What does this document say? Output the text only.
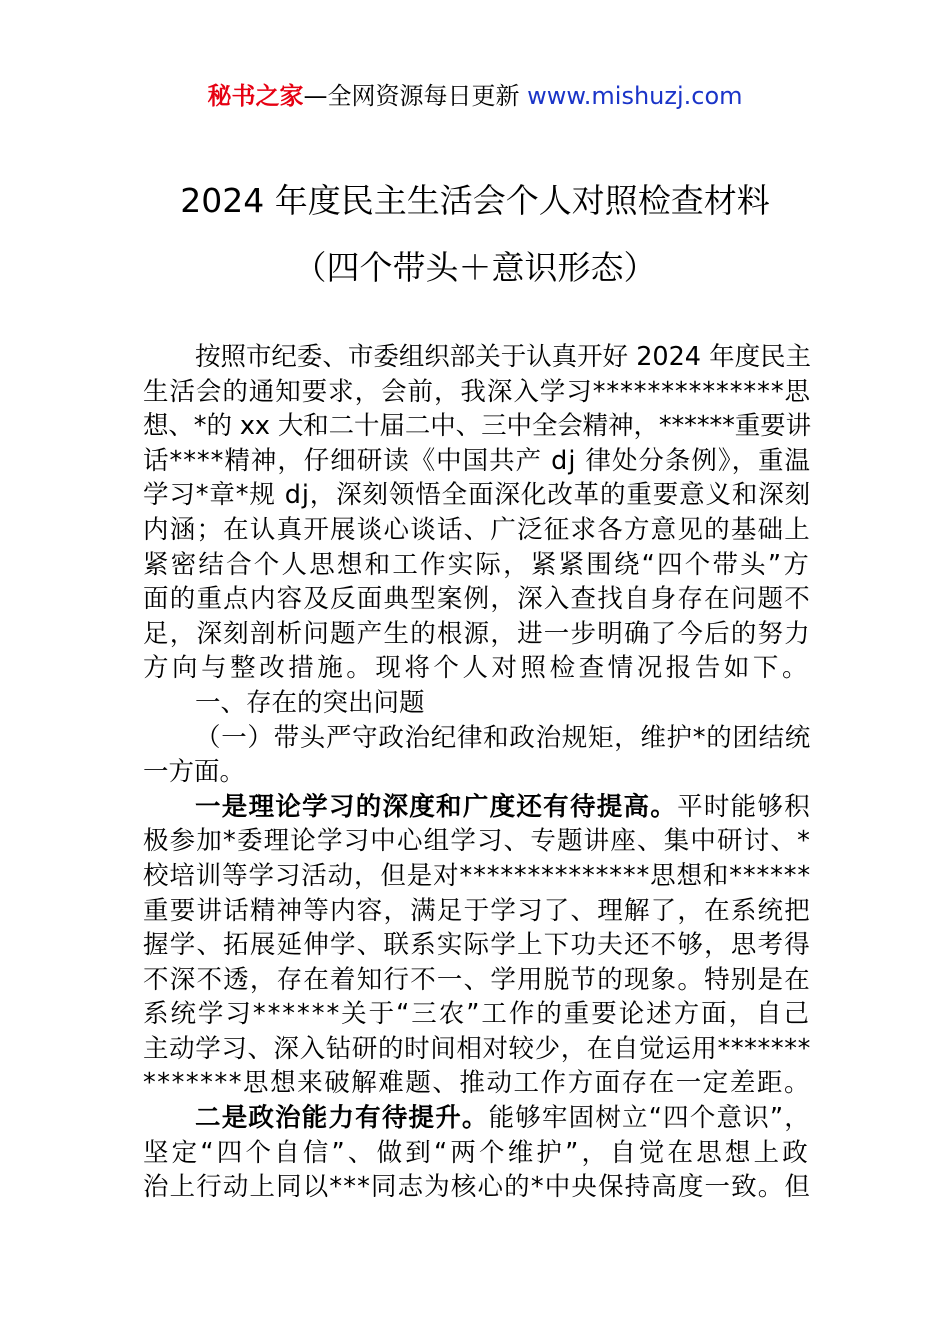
秘书之家—全网资源每日更新 www.mishuzj.com
2024 年度民主生活会个人对照检查材料
（四个带头＋意识形态）
按照市纪委、市委组织部关于认真开好 2024 年度民主
生活会的通知要求，会前，我深入学习**************思
想、*的 xx 大和二十届二中、三中全会精神，******重要讲
话****精神，仔细研读《中国共产 dj 律处分条例》，重温
学习*章*规 dj，深刻领悟全面深化改革的重要意义和深刻
内涵；在认真开展谈心谈话、广泛征求各方意见的基础上
紧密结合个人思想和工作实际，紧紧围绕“四个带头”方
面的重点内容及反面典型案例，深入查找自身存在问题不
足，深刻剖析问题产生的根源，进一步明确了今后的努力
方向与整改措施。现将个人对照检查情况报告如下。
一、存在的突出问题
（一）带头严守政治纪律和政治规矩，维护*的团结统
一方面。
一是理论学习的深度和广度还有待提高。平时能够积
极参加*委理论学习中心组学习、专题讲座、集中研讨、*
校培训等学习活动，但是对**************思想和******
重要讲话精神等内容，满足于学习了、理解了，在系统把
握学、拓展延伸学、联系实际学上下功夫还不够，思考得
不深不透，存在着知行不一、学用脱节的现象。特别是在
系统学习******关于“三农”工作的重要论述方面，自己
主动学习、深入钻研的时间相对较少，在自觉运用*******
*******思想来破解难题、推动工作方面存在一定差距。
二是政治能力有待提升。能够牢固树立“四个意识”，
坚定“四个自信”、做到“两个维护”，自觉在思想上政
治上行动上同以***同志为核心的*中央保持高度一致。但
